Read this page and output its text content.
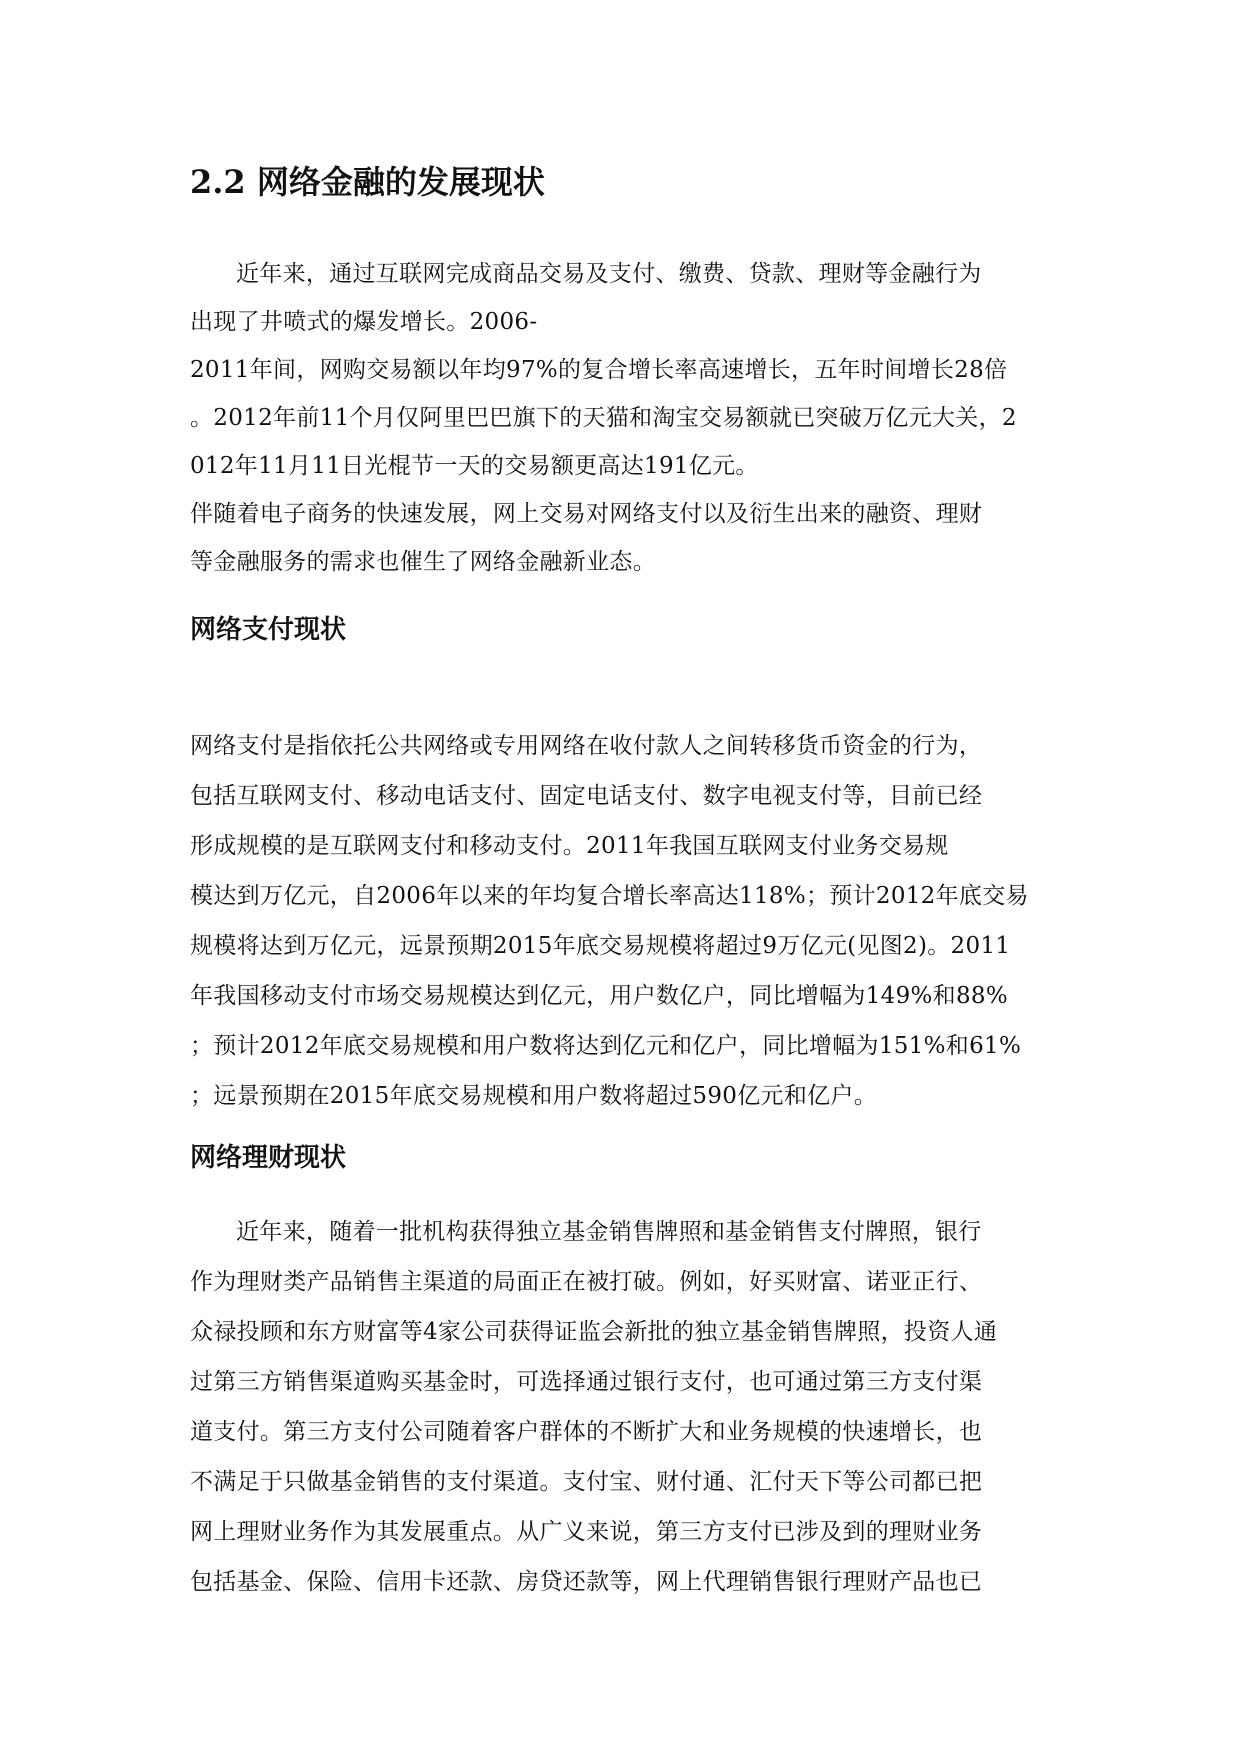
2.2 网络金融的发展现状
近年来，通过互联网完成商品交易及支付、缴费、贷款、理财等金融行为
出现了井喷式的爆发增长。2006-
2011年间，网购交易额以年均97%的复合增长率高速增长，五年时间增长28倍
。2012年前11个月仅阿里巴巴旗下的天猫和淘宝交易额就已突破万亿元大关，2
012年11月11日光棍节一天的交易额更高达191亿元。
伴随着电子商务的快速发展，网上交易对网络支付以及衍生出来的融资、理财
等金融服务的需求也催生了网络金融新业态。
网络支付现状
网络支付是指依托公共网络或专用网络在收付款人之间转移货币资金的行为，
包括互联网支付、移动电话支付、固定电话支付、数字电视支付等，目前已经
形成规模的是互联网支付和移动支付。2011年我国互联网支付业务交易规
模达到万亿元，自2006年以来的年均复合增长率高达118%；预计2012年底交易
规模将达到万亿元，远景预期2015年底交易规模将超过9万亿元(见图2)。2011
年我国移动支付市场交易规模达到亿元，用户数亿户，同比增幅为149%和88%
；预计2012年底交易规模和用户数将达到亿元和亿户，同比增幅为151%和61%
；远景预期在2015年底交易规模和用户数将超过590亿元和亿户。
网络理财现状
近年来，随着一批机构获得独立基金销售牌照和基金销售支付牌照，银行
作为理财类产品销售主渠道的局面正在被打破。例如，好买财富、诺亚正行、
众禄投顾和东方财富等4家公司获得证监会新批的独立基金销售牌照，投资人通
过第三方销售渠道购买基金时，可选择通过银行支付，也可通过第三方支付渠
道支付。第三方支付公司随着客户群体的不断扩大和业务规模的快速增长，也
不满足于只做基金销售的支付渠道。支付宝、财付通、汇付天下等公司都已把
网上理财业务作为其发展重点。从广义来说，第三方支付已涉及到的理财业务
包括基金、保险、信用卡还款、房贷还款等，网上代理销售银行理财产品也已
